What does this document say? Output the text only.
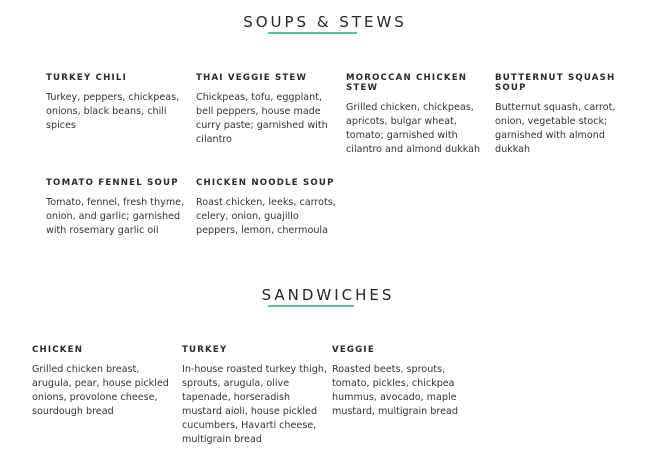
SOUPS & STEWS
TURKEY CHILI

Turkey, peppers, chickpeas, onions, black beans, chili spices

THAI VEGGIE STEW

Chickpeas, tofu, eggplant, bell peppers, house made curry paste; garnished with cilantro

MOROCCAN CHICKEN STEW

Grilled chicken, chickpeas, apricots, bulgar wheat, tomato; garnished with cilantro and almond dukkah

BUTTERNUT SQUASH SOUP

Butternut squash, carrot, onion, vegetable stock; garnished with almond dukkah

TOMATO FENNEL SOUP

Tomato, fennel, fresh thyme, onion, and garlic; garnished with rosemary garlic oil

CHICKEN NOODLE SOUP

Roast chicken, leeks, carrots, celery, onion, guajillo peppers, lemon, chermoula

SANDWICHES
CHICKEN

Grilled chicken breast, arugula, pear, house pickled onions, provolone cheese, sourdough bread

TURKEY

In-house roasted turkey thigh, sprouts, arugula, olive tapenade, horseradish mustard aioli, house pickled cucumbers, Havarti cheese, multigrain bread

VEGGIE

Roasted beets, sprouts, tomato, pickles, chickpea hummus, avocado, maple mustard, multigrain bread
